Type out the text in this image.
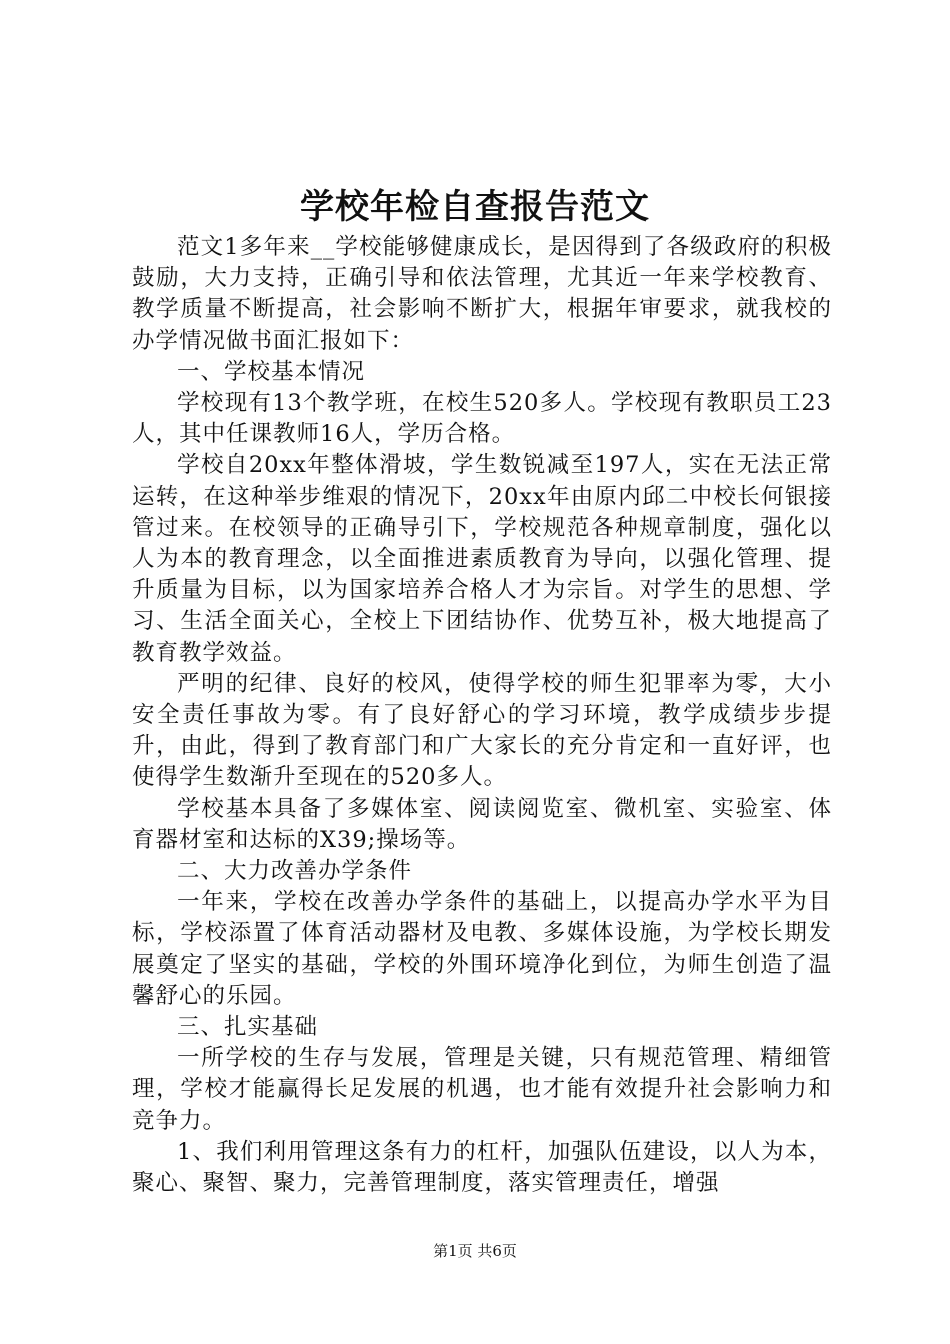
学校年检自查报告范文

范文1多年来__学校能够健康成长，是因得到了各级政府的积极鼓励，大力支持，正确引导和依法管理，尤其近一年来学校教育、教学质量不断提高，社会影响不断扩大，根据年审要求，就我校的办学情况做书面汇报如下：

一、学校基本情况

学校现有13个教学班，在校生520多人。学校现有教职员工23人，其中任课教师16人，学历合格。

学校自20xx年整体滑坡，学生数锐减至197人，实在无法正常运转，在这种举步维艰的情况下，20xx年由原内邱二中校长何银接管过来。在校领导的正确导引下，学校规范各种规章制度，强化以人为本的教育理念，以全面推进素质教育为导向，以强化管理、提升质量为目标，以为国家培养合格人才为宗旨。对学生的思想、学习、生活全面关心，全校上下团结协作、优势互补，极大地提高了教育教学效益。

严明的纪律、良好的校风，使得学校的师生犯罪率为零，大小安全责任事故为零。有了良好舒心的学习环境，教学成绩步步提升，由此，得到了教育部门和广大家长的充分肯定和一直好评，也使得学生数渐升至现在的520多人。

学校基本具备了多媒体室、阅读阅览室、微机室、实验室、体育器材室和达标的X39;操场等。

二、大力改善办学条件

一年来，学校在改善办学条件的基础上，以提高办学水平为目标，学校添置了体育活动器材及电教、多媒体设施，为学校长期发展奠定了坚实的基础，学校的外围环境净化到位，为师生创造了温馨舒心的乐园。

三、扎实基础

一所学校的生存与发展，管理是关键，只有规范管理、精细管理，学校才能赢得长足发展的机遇，也才能有效提升社会影响力和竞争力。

1、我们利用管理这条有力的杠杆，加强队伍建设，以人为本，聚心、聚智、聚力，完善管理制度，落实管理责任，增强

第1页 共6页
